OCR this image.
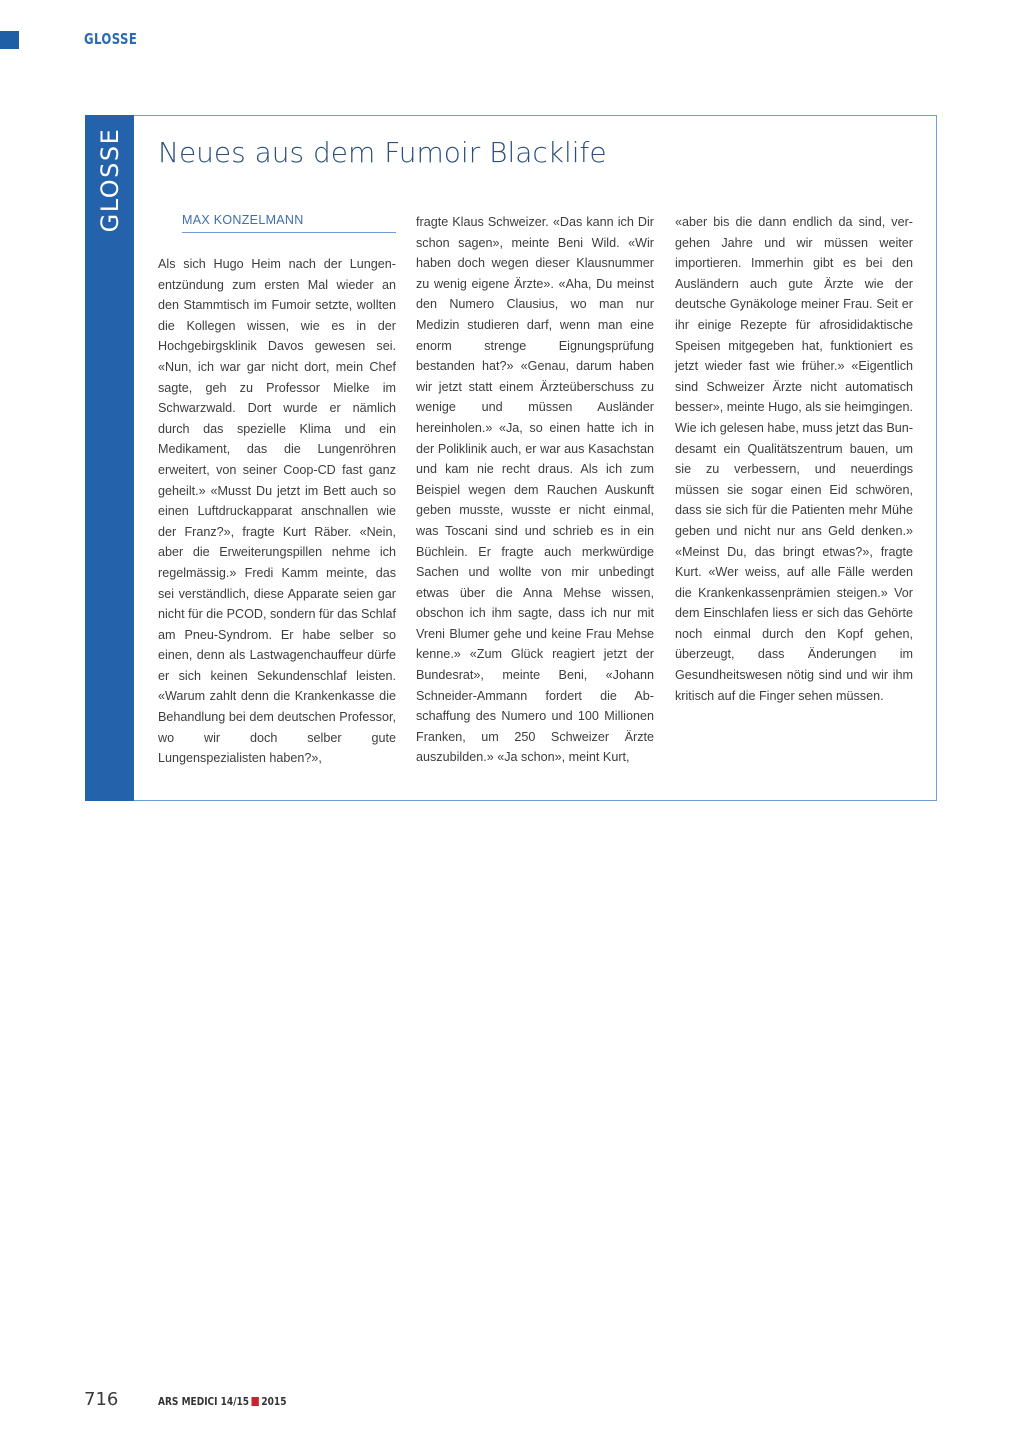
GLOSSE
GLOSSE Neues aus dem Fumoir Blacklife
MAX KONZELMANN
Als sich Hugo Heim nach der Lungenentzündung zum ersten Mal wieder an den Stammtisch im Fumoir setzte, wollten die Kollegen wissen, wie es in der Hochgebirgsklinik Davos gewesen sei. «Nun, ich war gar nicht dort, mein Chef sagte, geh zu Professor Mielke im Schwarzwald. Dort wurde er nämlich durch das spezielle Klima und ein Medikament, das die Lungenröhren erweitert, von seiner Coop-CD fast ganz geheilt.» «Musst Du jetzt im Bett auch so einen Luftdruckapparat anschnallen wie der Franz?», fragte Kurt Räber. «Nein, aber die Erweiterungspillen nehme ich regelmässig.» Fredi Kamm meinte, das sei verständlich, diese Apparate seien gar nicht für die PCOD, sondern für das Schlaf am Pneu-Syndrom. Er habe selber so einen, denn als Lastwagenchauffeur dürfe er sich keinen Sekundenschlaf leisten. «Warum zahlt denn die Krankenkasse die Behandlung bei dem deutschen Professor, wo wir doch selber gute Lungenspezialisten haben?»,
fragte Klaus Schweizer. «Das kann ich Dir schon sagen», meinte Beni Wild. «Wir haben doch wegen dieser Klausnummer zu wenig eigene Ärzte». «Aha, Du meinst den Numero Clausius, wo man nur Medizin studieren darf, wenn man eine enorm strenge Eignungsprüfung bestanden hat?» «Genau, darum haben wir jetzt statt einem Ärzteüberschuss zu wenige und müssen Ausländer hereinholen.» «Ja, so einen hatte ich in der Poliklinik auch, er war aus Kasachstan und kam nie recht draus. Als ich zum Beispiel wegen dem Rauchen Auskunft geben musste, wusste er nicht einmal, was Toscani sind und schrieb es in ein Büchlein. Er fragte auch merkwürdige Sachen und wollte von mir unbedingt etwas über die Anna Mehse wissen, obschon ich ihm sagte, dass ich nur mit Vreni Blumer gehe und keine Frau Mehse kenne.» «Zum Glück reagiert jetzt der Bundesrat», meinte Beni, «Johann Schneider-Ammann fordert die Abschaffung des Numero und 100 Millionen Franken, um 250 Schweizer Ärzte auszubilden.» «Ja schon», meint Kurt,
«aber bis die dann endlich da sind, vergehen Jahre und wir müssen weiter importieren. Immerhin gibt es bei den Ausländern auch gute Ärzte wie der deutsche Gynäkologe meiner Frau. Seit er ihr einige Rezepte für afrosididaktische Speisen mitgegeben hat, funktioniert es jetzt wieder fast wie früher.» «Eigentlich sind Schweizer Ärzte nicht automatisch besser», meinte Hugo, als sie heimgingen. Wie ich gelesen habe, muss jetzt das Bundesamt ein Qualitätszentrum bauen, um sie zu verbessern, und neuerdings müssen sie sogar einen Eid schwören, dass sie sich für die Patienten mehr Mühe geben und nicht nur ans Geld denken.» «Meinst Du, das bringt etwas?», fragte Kurt. «Wer weiss, auf alle Fälle werden die Krankenkassenprämien steigen.» Vor dem Einschlafen liess er sich das Gehörte noch einmal durch den Kopf gehen, überzeugt, dass Änderungen im Gesundheitswesen nötig sind und wir ihm kritisch auf die Finger sehen müssen.
716	ARS MEDICI 14/15 2015
